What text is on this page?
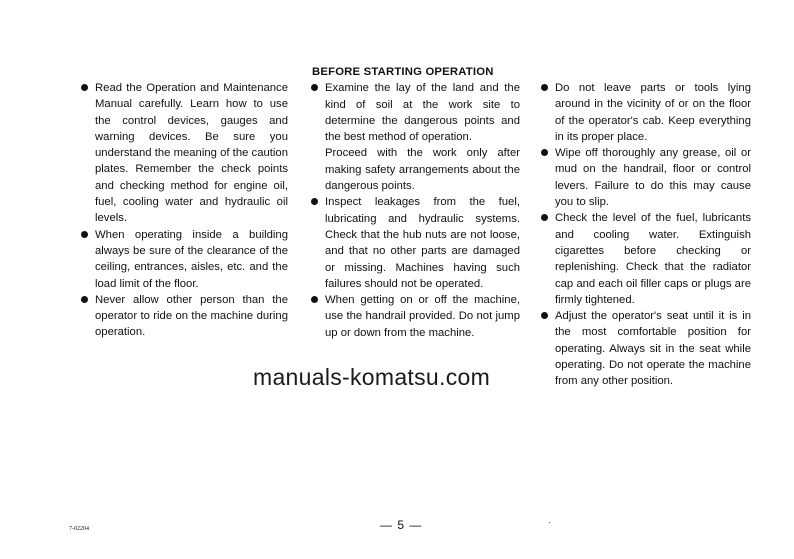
Read the Operation and Maintenance Manual carefully. Learn how to use the control devices, gauges and warning devices. Be sure you understand the meaning of the caution plates. Remember the check points and checking method for engine oil, fuel, cooling water and hydraulic oil levels.

When operating inside a building always be sure of the clearance of the ceiling, entrances, aisles, etc. and the load limit of the floor.

Never allow other person than the operator to ride on the machine during operation.

BEFORE STARTING OPERATION

Examine the lay of the land and the kind of soil at the work site to determine the dangerous points and the best method of operation.

Proceed with the work only after making safety arrangements about the dangerous points.

Inspect leakages from the fuel, lubricating and hydraulic systems. Check that the hub nuts are not loose, and that no other parts are damaged or missing. Machines having such failures should not be operated.

When getting on or off the machine, use the handrail provided. Do not jump up or down from the machine.

Do not leave parts or tools lying around in the vicinity of or on the floor of the operator's cab. Keep everything in its proper place.

Wipe off thoroughly any grease, oil or mud on the handrail, floor or control levers. Failure to do this may cause you to slip.

Check the level of the fuel, lubricants and cooling water. Extinguish cigarettes before checking or replenishing. Check that the radiator cap and each oil filler caps or plugs are firmly tightened.

Adjust the operator's seat until it is in the most comfortable position for operating. Always sit in the seat while operating. Do not operate the machine from any other position.

manuals-komatsu.com
— 5 —
7-02204
